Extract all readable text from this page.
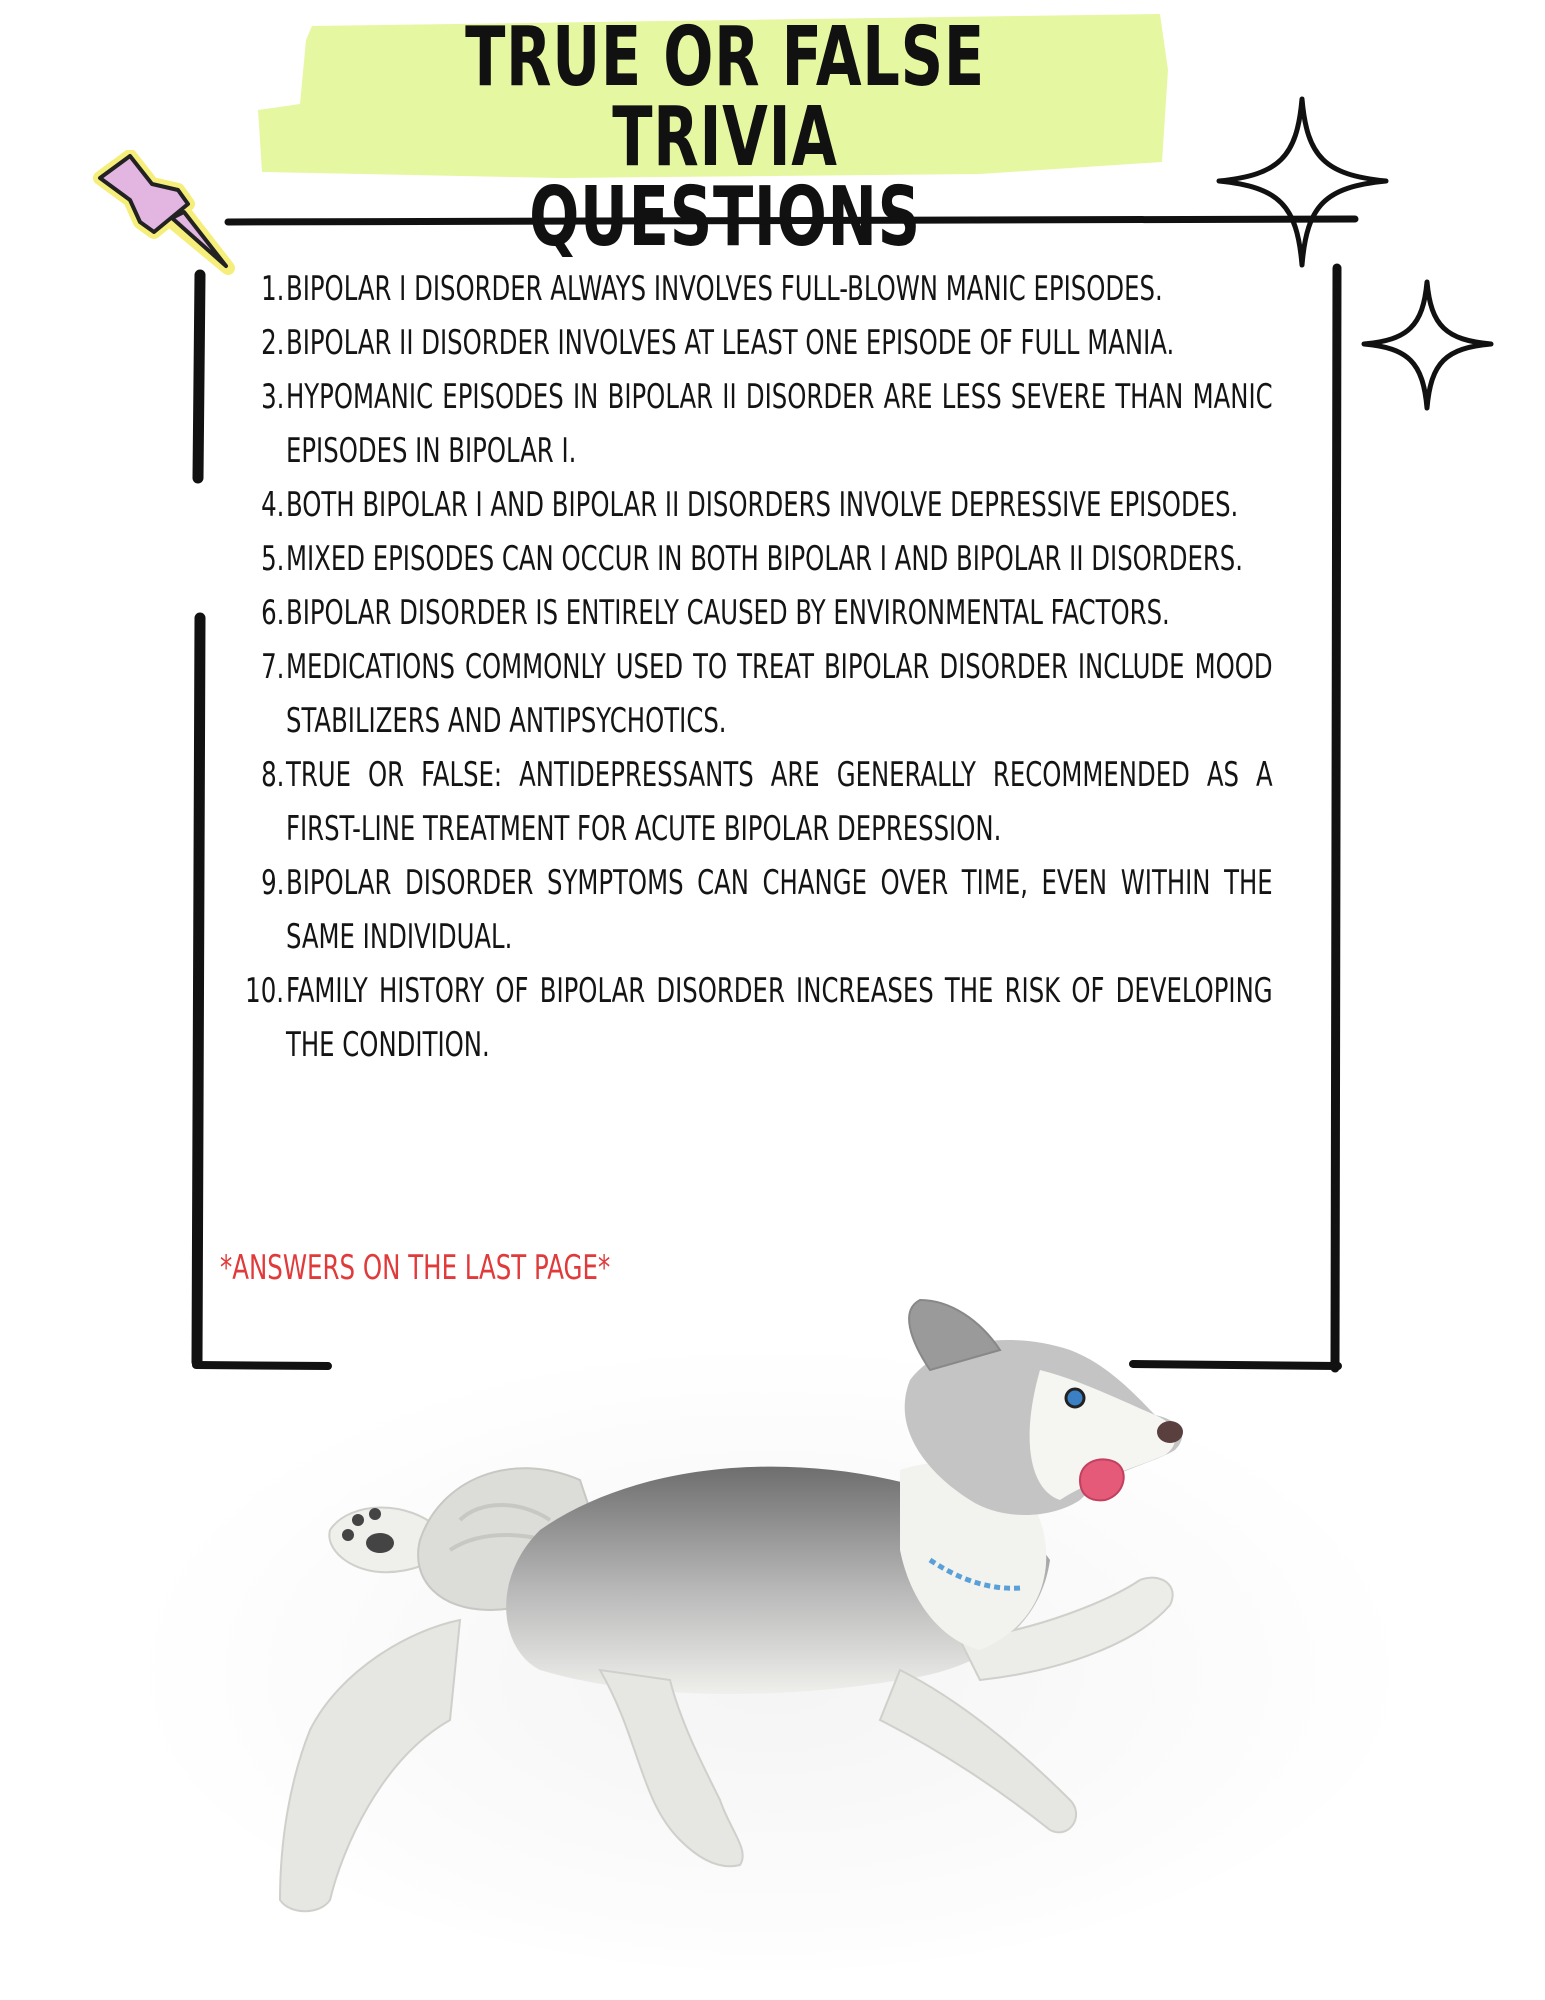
TRUE OR FALSE TRIVIA
QUESTIONS
1. BIPOLAR I DISORDER ALWAYS INVOLVES FULL-BLOWN MANIC EPISODES.
2. BIPOLAR II DISORDER INVOLVES AT LEAST ONE EPISODE OF FULL MANIA.
3. HYPOMANIC EPISODES IN BIPOLAR II DISORDER ARE LESS SEVERE THAN MANIC EPISODES IN BIPOLAR I.
4. BOTH BIPOLAR I AND BIPOLAR II DISORDERS INVOLVE DEPRESSIVE EPISODES.
5. MIXED EPISODES CAN OCCUR IN BOTH BIPOLAR I AND BIPOLAR II DISORDERS.
6. BIPOLAR DISORDER IS ENTIRELY CAUSED BY ENVIRONMENTAL FACTORS.
7. MEDICATIONS COMMONLY USED TO TREAT BIPOLAR DISORDER INCLUDE MOOD STABILIZERS AND ANTIPSYCHOTICS.
8. TRUE OR FALSE: ANTIDEPRESSANTS ARE GENERALLY RECOMMENDED AS A FIRST-LINE TREATMENT FOR ACUTE BIPOLAR DEPRESSION.
9. BIPOLAR DISORDER SYMPTOMS CAN CHANGE OVER TIME, EVEN WITHIN THE SAME INDIVIDUAL.
10. FAMILY HISTORY OF BIPOLAR DISORDER INCREASES THE RISK OF DEVELOPING THE CONDITION.
*ANSWERS ON THE LAST PAGE*
